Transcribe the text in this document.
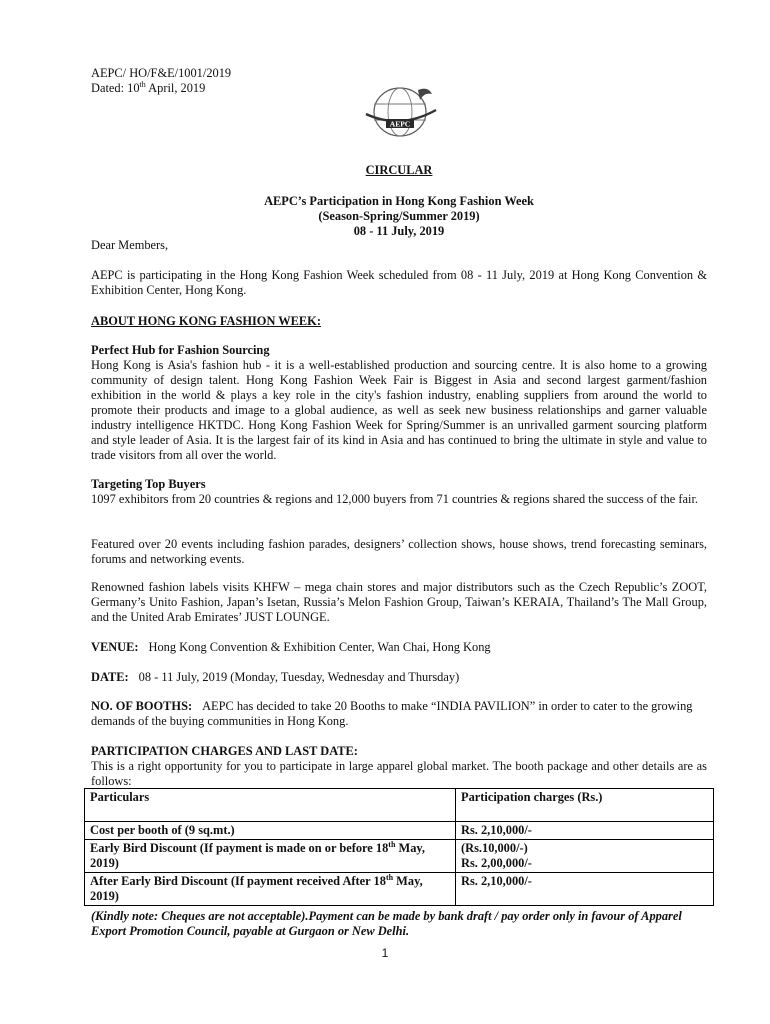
AEPC/ HO/F&E/1001/2019
Dated: 10th April, 2019
AEPC
CIRCULAR
AEPC’s Participation in Hong Kong Fashion Week
(Season-Spring/Summer 2019)
08 - 11 July, 2019
Dear Members,
AEPC is participating in the Hong Kong Fashion Week scheduled from 08 - 11 July, 2019 at Hong Kong Convention & Exhibition Center, Hong Kong.
ABOUT HONG KONG FASHION WEEK:
Perfect Hub for Fashion Sourcing
Hong Kong is Asia's fashion hub - it is a well-established production and sourcing centre. It is also home to a growing community of design talent. Hong Kong Fashion Week Fair is Biggest in Asia and second largest garment/fashion exhibition in the world & plays a key role in the city's fashion industry, enabling suppliers from around the world to promote their products and image to a global audience, as well as seek new business relationships and garner valuable industry intelligence HKTDC. Hong Kong Fashion Week for Spring/Summer is an unrivalled garment sourcing platform and style leader of Asia. It is the largest fair of its kind in Asia and has continued to bring the ultimate in style and value to trade visitors from all over the world.
Targeting Top Buyers
1097 exhibitors from 20 countries & regions and 12,000 buyers from 71 countries & regions shared the success of the fair.
Featured over 20 events including fashion parades, designers’ collection shows, house shows, trend forecasting seminars, forums and networking events.
Renowned fashion labels visits KHFW – mega chain stores and major distributors such as the Czech Republic’s ZOOT, Germany’s Unito Fashion, Japan’s Isetan, Russia’s Melon Fashion Group, Taiwan’s KERAIA, Thailand’s The Mall Group, and the United Arab Emirates’ JUST LOUNGE.
VENUE: Hong Kong Convention & Exhibition Center, Wan Chai, Hong Kong
DATE: 08 - 11 July, 2019 (Monday, Tuesday, Wednesday and Thursday)
NO. OF BOOTHS: AEPC has decided to take 20 Booths to make “INDIA PAVILION” in order to cater to the growing demands of the buying communities in Hong Kong.
PARTICIPATION CHARGES AND LAST DATE:
This is a right opportunity for you to participate in large apparel global market. The booth package and other details are as follows:
Particulars	Participation charges (Rs.)
Cost per booth of (9 sq.mt.)	Rs. 2,10,000/-
Early Bird Discount (If payment is made on or before 18th May, 2019)	(Rs.10,000/-)
Rs. 2,00,000/-

After Early Bird Discount (If payment received After 18th May, 2019)	Rs. 2,10,000/-
(Kindly note: Cheques are not acceptable).Payment can be made by bank draft / pay order only in favour of Apparel Export Promotion Council, payable at Gurgaon or New Delhi.
1
